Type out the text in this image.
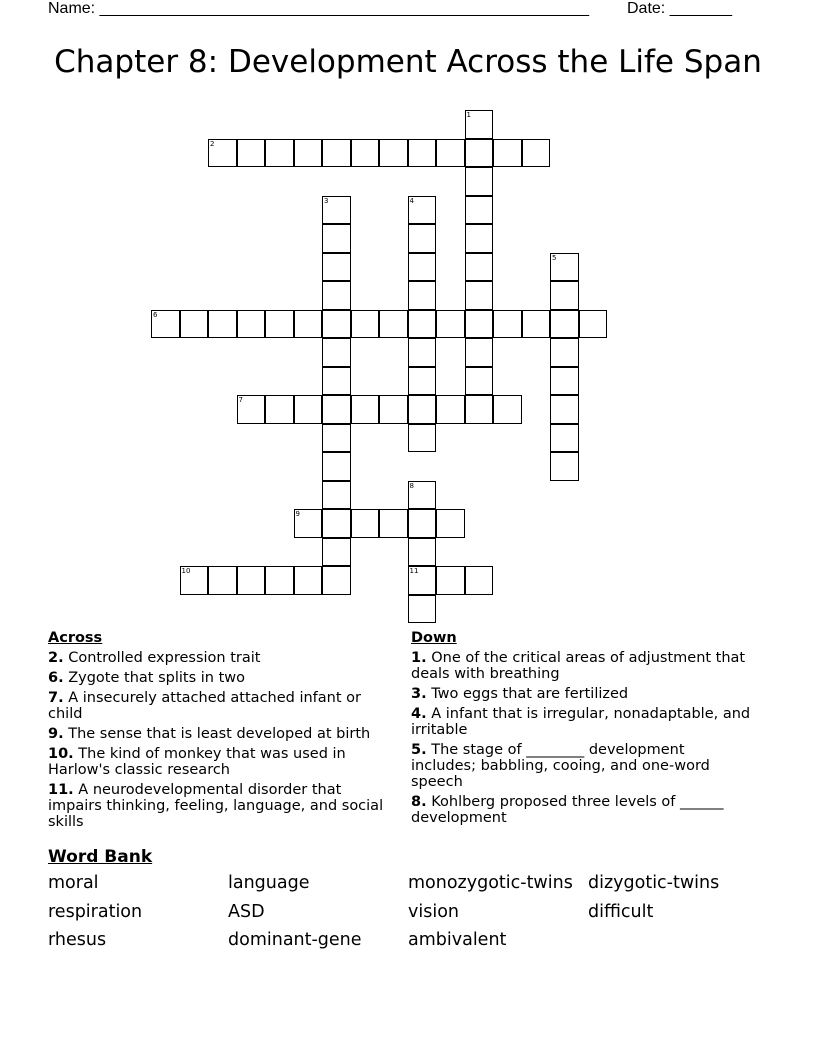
Name: _______________________________________________________ Date: _______
Chapter 8: Development Across the Life Span
2
1
3	4
5
6
7
8
11
9
10
Across
2. Controlled expression trait
6. Zygote that splits in two
7. A insecurely attached attached infant or child
9. The sense that is least developed at birth
10. The kind of monkey that was used in Harlow's classic research
11. A neurodevelopmental disorder that impairs thinking, feeling, language, and social skills
Down
1. One of the critical areas of adjustment that deals with breathing
3. Two eggs that are fertilized
4. A infant that is irregular, nonadaptable, and irritable
5. The stage of ________ development includes; babbling, cooing, and one-word speech
8. Kohlberg proposed three levels of ______ development
Word Bank
moral	language	monozygotic-twins dizygotic-twins
respiration	ASD	vision	difficult
rhesus	dominant-gene	ambivalent
